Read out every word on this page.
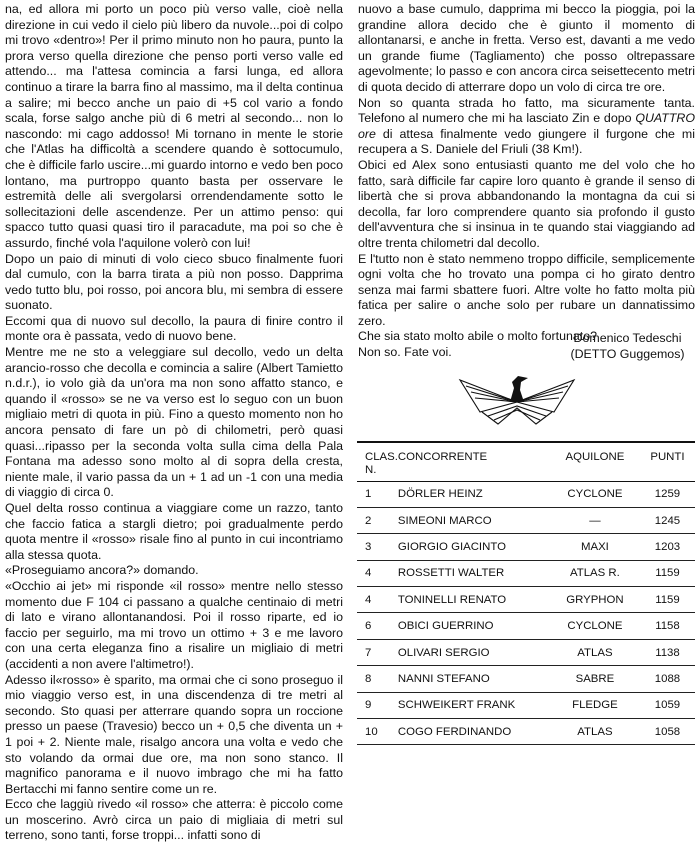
na, ed allora mi porto un poco più verso valle, cioè nella direzione in cui vedo il cielo più libero da nuvole...poi di colpo mi trovo «dentro»! Per il primo minuto non ho paura, punto la prora verso quella direzione che penso porti verso valle ed attendo... ma l'attesa comincia a farsi lunga, ed allora continuo a tirare la barra fino al massimo, ma il delta continua a salire; mi becco anche un paio di +5 col vario a fondo scala, forse salgo anche più di 6 metri al secondo... non lo nascondo: mi cago addosso! Mi tornano in mente le storie che l'Atlas ha difficoltà a scendere quando è sottocumulo, che è difficile farlo uscire...mi guardo intorno e vedo ben poco lontano, ma purtroppo quanto basta per osservare le estremità delle ali svergolarsi orrendendamente sotto le sollecitazioni delle ascendenze. Per un attimo penso: qui spacco tutto quasi quasi tiro il paracadute, ma poi so che è assurdo, finché vola l'aquilone volerò con lui!

Dopo un paio di minuti di volo cieco sbuco finalmente fuori dal cumulo, con la barra tirata a più non posso. Dapprima vedo tutto blu, poi rosso, poi ancora blu, mi sembra di essere suonato.

Eccomi qua di nuovo sul decollo, la paura di finire contro il monte ora è passata, vedo di nuovo bene.

Mentre me ne sto a veleggiare sul decollo, vedo un delta arancio-rosso che decolla e comincia a salire (Albert Tamietto n.d.r.), io volo già da un'ora ma non sono affatto stanco, e quando il «rosso» se ne va verso est lo seguo con un buon migliaio metri di quota in più. Fino a questo momento non ho ancora pensato di fare un pò di chilometri, però quasi quasi...ripasso per la seconda volta sulla cima della Pala Fontana ma adesso sono molto al di sopra della cresta, niente male, il vario passa da un + 1 ad un -1 con una media di viaggio di circa 0.

Quel delta rosso continua a viaggiare come un razzo, tanto che faccio fatica a stargli dietro; poi gradualmente perdo quota mentre il «rosso» risale fino al punto in cui incontriamo alla stessa quota.

«Proseguiamo ancora?» domando.

«Occhio ai jet» mi risponde «il rosso» mentre nello stesso momento due F 104 ci passano a qualche centinaio di metri di lato e virano allontanandosi. Poi il rosso riparte, ed io faccio per seguirlo, ma mi trovo un ottimo + 3 e me lavoro con una certa eleganza fino a risalire un migliaio di metri (accidenti a non avere l'altimetro!).

Adesso il«rosso» è sparito, ma ormai che ci sono proseguo il mio viaggio verso est, in una discendenza di tre metri al secondo. Sto quasi per atterrare quando sopra un roccione presso un paese (Travesio) becco un + 0,5 che diventa un + 1 poi + 2. Niente male, risalgo ancora una volta e vedo che sto volando da ormai due ore, ma non sono stanco. Il magnifico panorama e il nuovo imbrago che mi ha fatto Bertacchi mi fanno sentire come un re.

Ecco che laggiù rivedo «il rosso» che atterra: è piccolo come un moscerino. Avrò circa un paio di migliaia di metri sul terreno, sono tanti, forse troppi... infatti sono di

nuovo a base cumulo, dapprima mi becco la pioggia, poi la grandine allora decido che è giunto il momento di allontanarsi, e anche in fretta. Verso est, davanti a me vedo un grande fiume (Tagliamento) che posso oltrepassare agevolmente; lo passo e con ancora circa seisettecento metri di quota decido di atterrare dopo un volo di circa tre ore.

Non so quanta strada ho fatto, ma sicuramente tanta. Telefono al numero che mi ha lasciato Zin e dopo QUATTRO ore di attesa finalmente vedo giungere il furgone che mi recupera a S. Daniele del Friuli (38 Km!).

Obici ed Alex sono entusiasti quanto me del volo che ho fatto, sarà difficile far capire loro quanto è grande il senso di libertà che si prova abbandonando la montagna da cui si decolla, far loro comprendere quanto sia profondo il gusto dell'avventura che si insinua in te quando stai viaggiando ad oltre trenta chilometri dal decollo.

E l'tutto non è stato nemmeno troppo difficile, semplicemente ogni volta che ho trovato una pompa ci ho girato dentro senza mai farmi sbattere fuori. Altre volte ho fatto molta più fatica per salire o anche solo per rubare un dannatissimo zero.

Che sia stato molto abile o molto fortunato?

Non so. Fate voi.

Domenico Tedeschi
(DETTO Guggemos)
CLAS. N.	CONCORRENTE	AQUILONE	PUNTI
1	DÖRLER HEINZ	CYCLONE	1259
2	SIMEONI MARCO	—	1245
3	GIORGIO GIACINTO	MAXI	1203
4	ROSSETTI WALTER	ATLAS R.	1159
4	TONINELLI RENATO	GRYPHON	1159
6	OBICI GUERRINO	CYCLONE	1158
7	OLIVARI SERGIO	ATLAS	1138
8	NANNI STEFANO	SABRE	1088
9	SCHWEIKERT FRANK	FLEDGE	1059
10	COGO FERDINANDO	ATLAS	1058
